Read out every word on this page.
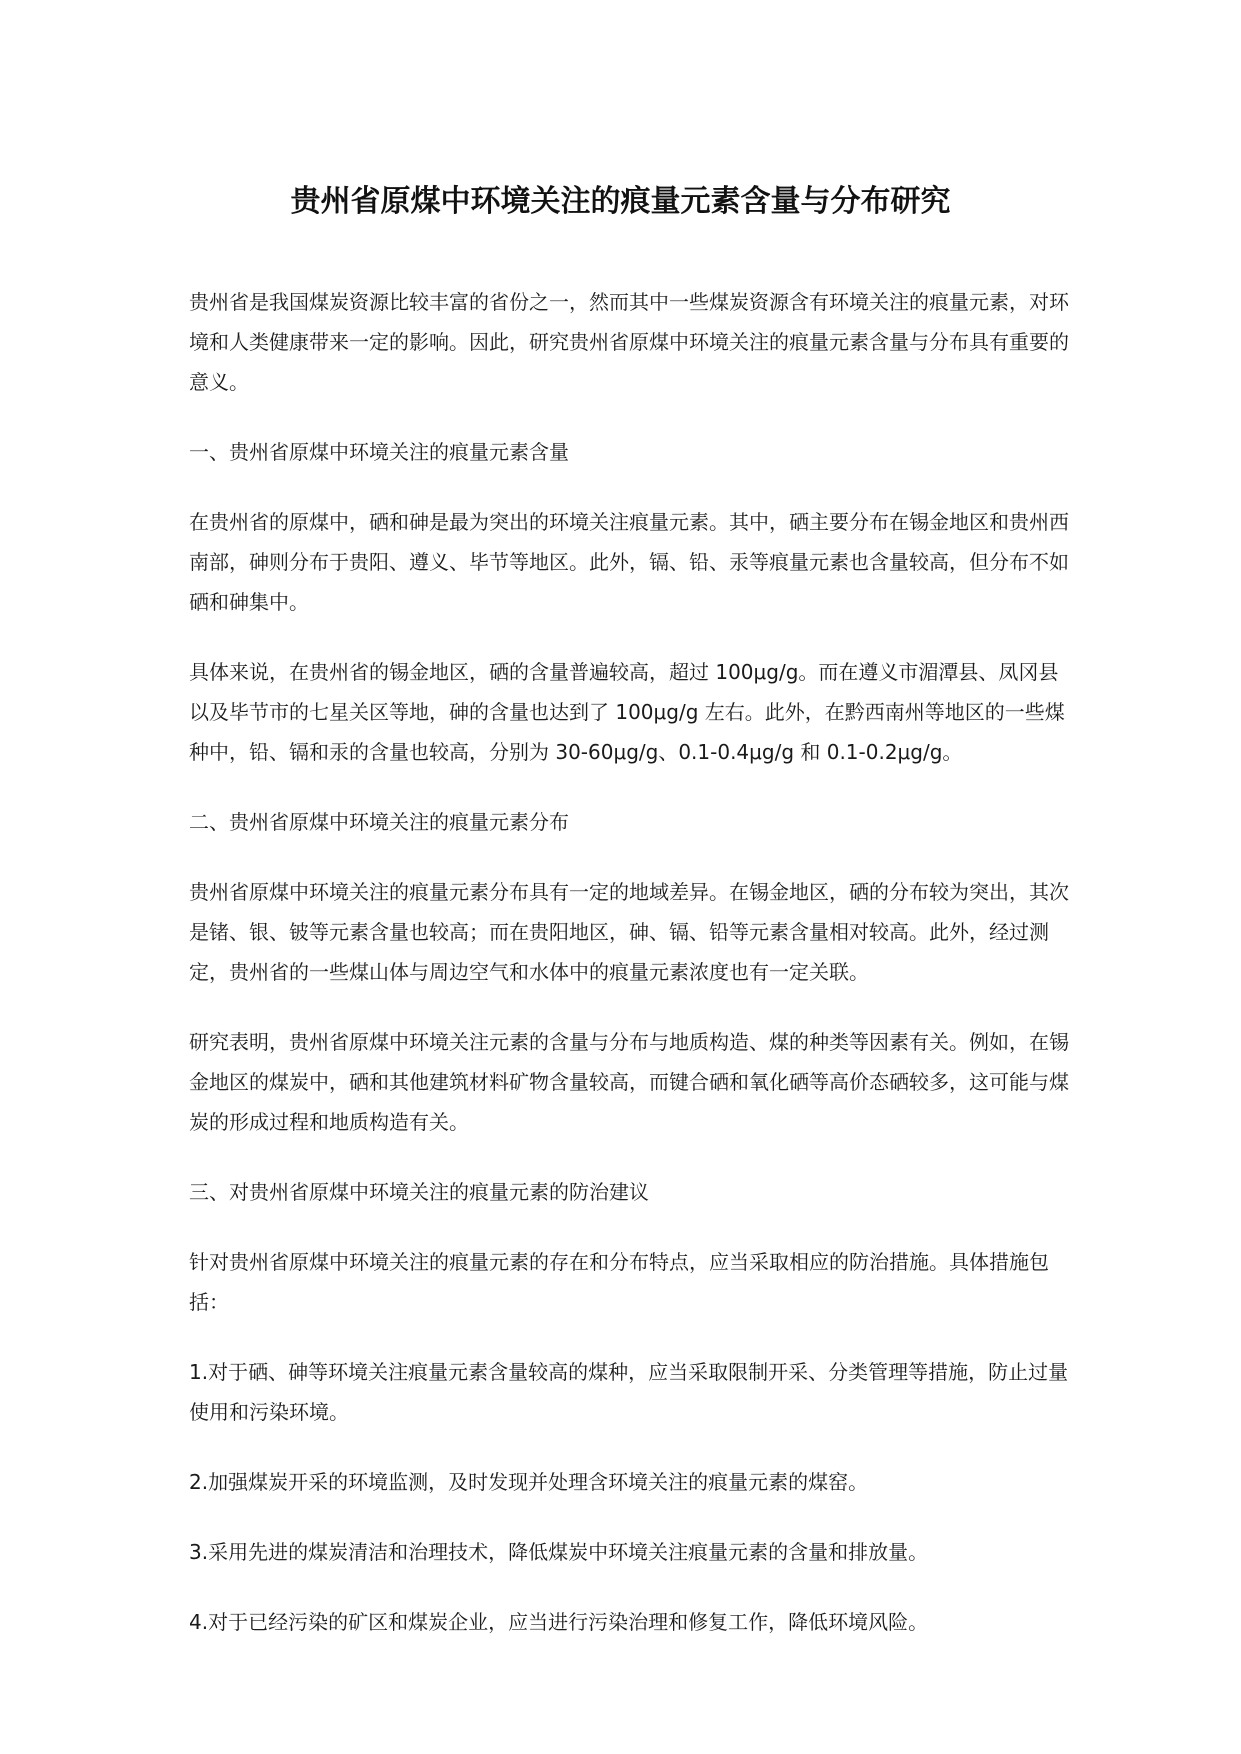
贵州省原煤中环境关注的痕量元素含量与分布研究

贵州省是我国煤炭资源比较丰富的省份之一，然而其中一些煤炭资源含有环境关注的痕量元素，对环境和人类健康带来一定的影响。因此，研究贵州省原煤中环境关注的痕量元素含量与分布具有重要的意义。

一、贵州省原煤中环境关注的痕量元素含量

在贵州省的原煤中，硒和砷是最为突出的环境关注痕量元素。其中，硒主要分布在锡金地区和贵州西南部，砷则分布于贵阳、遵义、毕节等地区。此外，镉、铅、汞等痕量元素也含量较高，但分布不如硒和砷集中。

具体来说，在贵州省的锡金地区，硒的含量普遍较高，超过 100μg/g。而在遵义市湄潭县、凤冈县以及毕节市的七星关区等地，砷的含量也达到了 100μg/g 左右。此外，在黔西南州等地区的一些煤种中，铅、镉和汞的含量也较高，分别为 30-60μg/g、0.1-0.4μg/g 和 0.1-0.2μg/g。

二、贵州省原煤中环境关注的痕量元素分布

贵州省原煤中环境关注的痕量元素分布具有一定的地域差异。在锡金地区，硒的分布较为突出，其次是锗、银、铍等元素含量也较高；而在贵阳地区，砷、镉、铅等元素含量相对较高。此外，经过测定，贵州省的一些煤山体与周边空气和水体中的痕量元素浓度也有一定关联。

研究表明，贵州省原煤中环境关注元素的含量与分布与地质构造、煤的种类等因素有关。例如，在锡金地区的煤炭中，硒和其他建筑材料矿物含量较高，而键合硒和氧化硒等高价态硒较多，这可能与煤炭的形成过程和地质构造有关。

三、对贵州省原煤中环境关注的痕量元素的防治建议

针对贵州省原煤中环境关注的痕量元素的存在和分布特点，应当采取相应的防治措施。具体措施包括：

1.对于硒、砷等环境关注痕量元素含量较高的煤种，应当采取限制开采、分类管理等措施，防止过量使用和污染环境。

2.加强煤炭开采的环境监测，及时发现并处理含环境关注的痕量元素的煤窑。

3.采用先进的煤炭清洁和治理技术，降低煤炭中环境关注痕量元素的含量和排放量。

4.对于已经污染的矿区和煤炭企业，应当进行污染治理和修复工作，降低环境风险。
